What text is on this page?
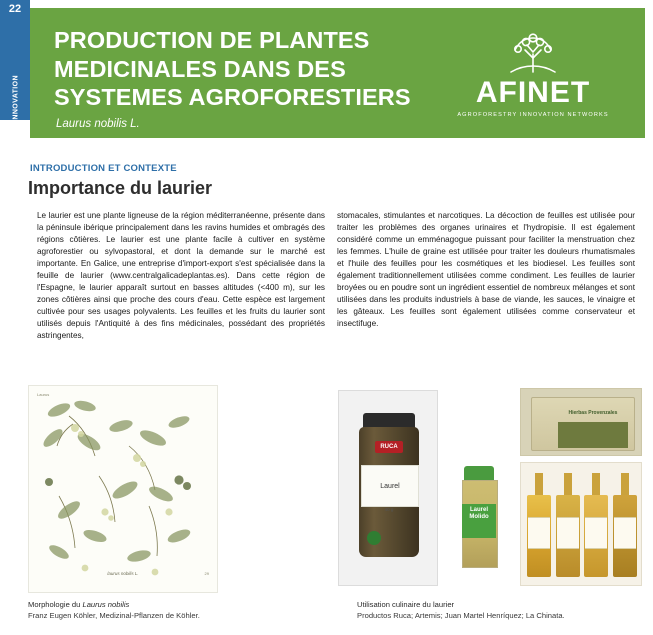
22
INNOVATION
PRODUCTION DE PLANTES MEDICINALES DANS DES SYSTEMES AGROFORESTIERS
Laurus nobilis L.
AFINET
AGROFORESTRY INNOVATION NETWORKS
INTRODUCTION ET CONTEXTE
Importance du laurier

Le laurier est une plante ligneuse de la région méditerranéenne, présente dans la péninsule ibérique principalement dans les ravins humides et ombragés des régions côtières. Le laurier est une plante facile à cultiver en système agroforestier ou sylvopastoral, et dont la demande sur le marché est importante. En Galice, une entreprise d'import-export s'est spécialisée dans la feuille de laurier (www.centralgalicadeplantas.es). Dans cette région de l'Espagne, le laurier apparaît surtout en basses altitudes (<400 m), sur les zones côtières ainsi que proche des cours d'eau. Cette espèce est largement cultivée pour ses usages polyvalents. Les feuilles et les fruits du laurier sont utilisés depuis l'Antiquité à des fins médicinales, possédant des propriétés astringentes,

stomacales, stimulantes et narcotiques. La décoction de feuilles est utilisée pour traiter les problèmes des organes urinaires et l'hydropisie. Il est également considéré comme un emménagogue puissant pour faciliter la menstruation chez les femmes. L'huile de graine est utilisée pour traiter les douleurs rhumatismales et l'huile des feuilles pour les cosmétiques et les biodiesel. Les feuilles sont également traditionnellement utilisées comme condiment. Les feuilles de laurier broyées ou en poudre sont un ingrédient essentiel de nombreux mélanges et sont utilisées dans les produits industriels à base de viande, les sauces, le vinaigre et les gâteaux. Les feuilles sont également utilisées comme conservateur et insectifuge.

Laurus
laurus nobilis L.	29
RUCA
Laurel
40 g	Laurel Molido
Hierbas Provenzales
Morphologie du Laurus nobilis
Franz Eugen Köhler, Medizinal-Pflanzen de Köhler.
Utilisation culinaire du laurier
Productos Ruca; Artemis; Juan Martel Henríquez; La Chinata.
